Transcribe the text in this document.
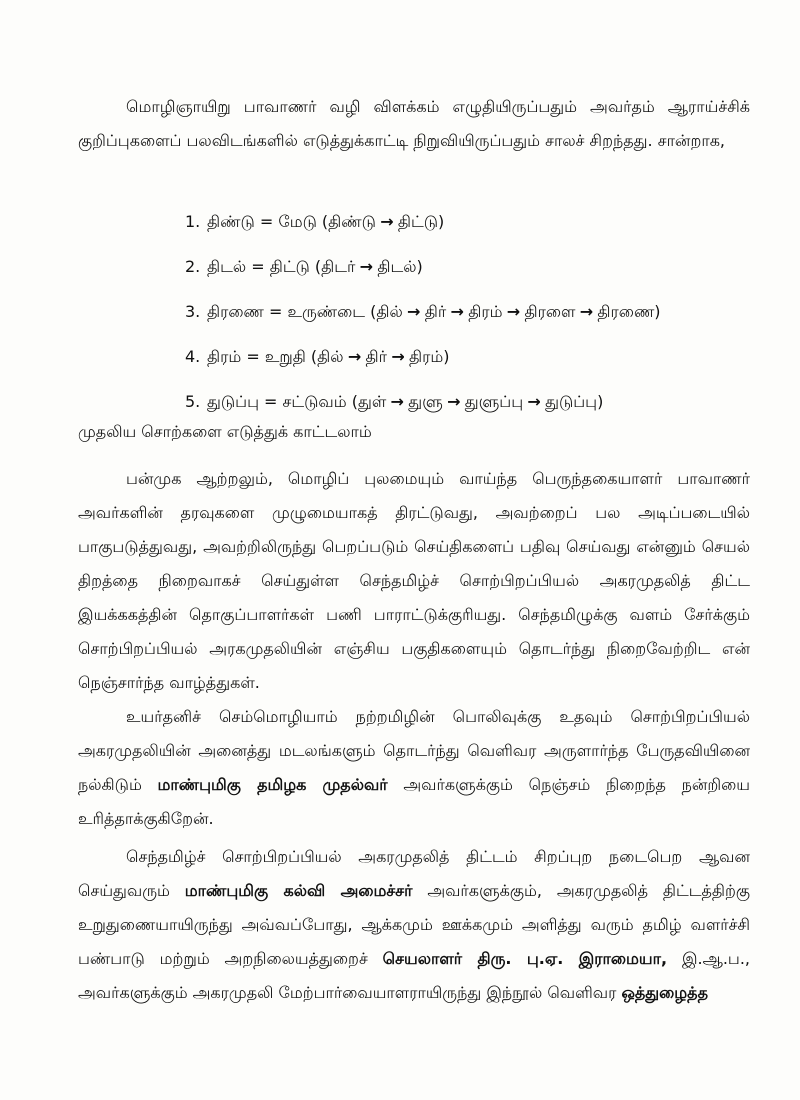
மொழிஞாயிறு பாவாணர் வழி விளக்கம் எழுதியிருப்பதும் அவர்தம் ஆராய்ச்சிக் குறிப்புகளைப் பலவிடங்களில் எடுத்துக்காட்டி நிறுவியிருப்பதும் சாலச் சிறந்தது. சான்றாக,

1. திண்டு = மேடு (திண்டு → திட்டு)
2. திடல் = திட்டு (திடர் → திடல்)
3. திரணை = உருண்டை (தில் → திர் → திரம் → திரளை → திரணை)
4. திரம் = உறுதி (தில் → திர் → திரம்)
5. துடுப்பு = சட்டுவம் (துள் → துளு → துளுப்பு → துடுப்பு)

முதலிய சொற்களை எடுத்துக் காட்டலாம்

பன்முக ஆற்றலும், மொழிப் புலமையும் வாய்ந்த பெருந்தகையாளர் பாவாணர் அவர்களின் தரவுகளை முழுமையாகத் திரட்டுவது, அவற்றைப் பல அடிப்படையில் பாகுபடுத்துவது, அவற்றிலிருந்து பெறப்படும் செய்திகளைப் பதிவு செய்வது என்னும் செயல் திறத்தை நிறைவாகச் செய்துள்ள செந்தமிழ்ச் சொற்பிறப்பியல் அகரமுதலித் திட்ட இயக்ககத்தின் தொகுப்பாளர்கள் பணி பாராட்டுக்குரியது. செந்தமிழுக்கு வளம் சேர்க்கும் சொற்பிறப்பியல் அரகமுதலியின் எஞ்சிய பகுதிகளையும் தொடர்ந்து நிறைவேற்றிட என் நெஞ்சார்ந்த வாழ்த்துகள்.

உயர்தனிச் செம்மொழியாம் நற்றமிழின் பொலிவுக்கு உதவும் சொற்பிறப்பியல் அகரமுதலியின் அனைத்து மடலங்களும் தொடர்ந்து வெளிவர அருளார்ந்த பேருதவியினை நல்கிடும் மாண்புமிகு தமிழக முதல்வர் அவர்களுக்கும் நெஞ்சம் நிறைந்த நன்றியை உரித்தாக்குகிறேன்.

செந்தமிழ்ச் சொற்பிறப்பியல் அகரமுதலித் திட்டம் சிறப்புற நடைபெற ஆவன செய்துவரும் மாண்புமிகு கல்வி அமைச்சர் அவர்களுக்கும், அகரமுதலித் திட்டத்திற்கு உறுதுணையாயிருந்து அவ்வப்போது, ஆக்கமும் ஊக்கமும் அளித்து வரும் தமிழ் வளர்ச்சி பண்பாடு மற்றும் அறநிலையத்துறைச் செயலாளர் திரு. பு.ஏ. இராமையா, இ.ஆ.ப., அவர்களுக்கும் அகரமுதலி மேற்பார்வையாளராயிருந்து இந்நூல் வெளிவர ஒத்துழைத்த
